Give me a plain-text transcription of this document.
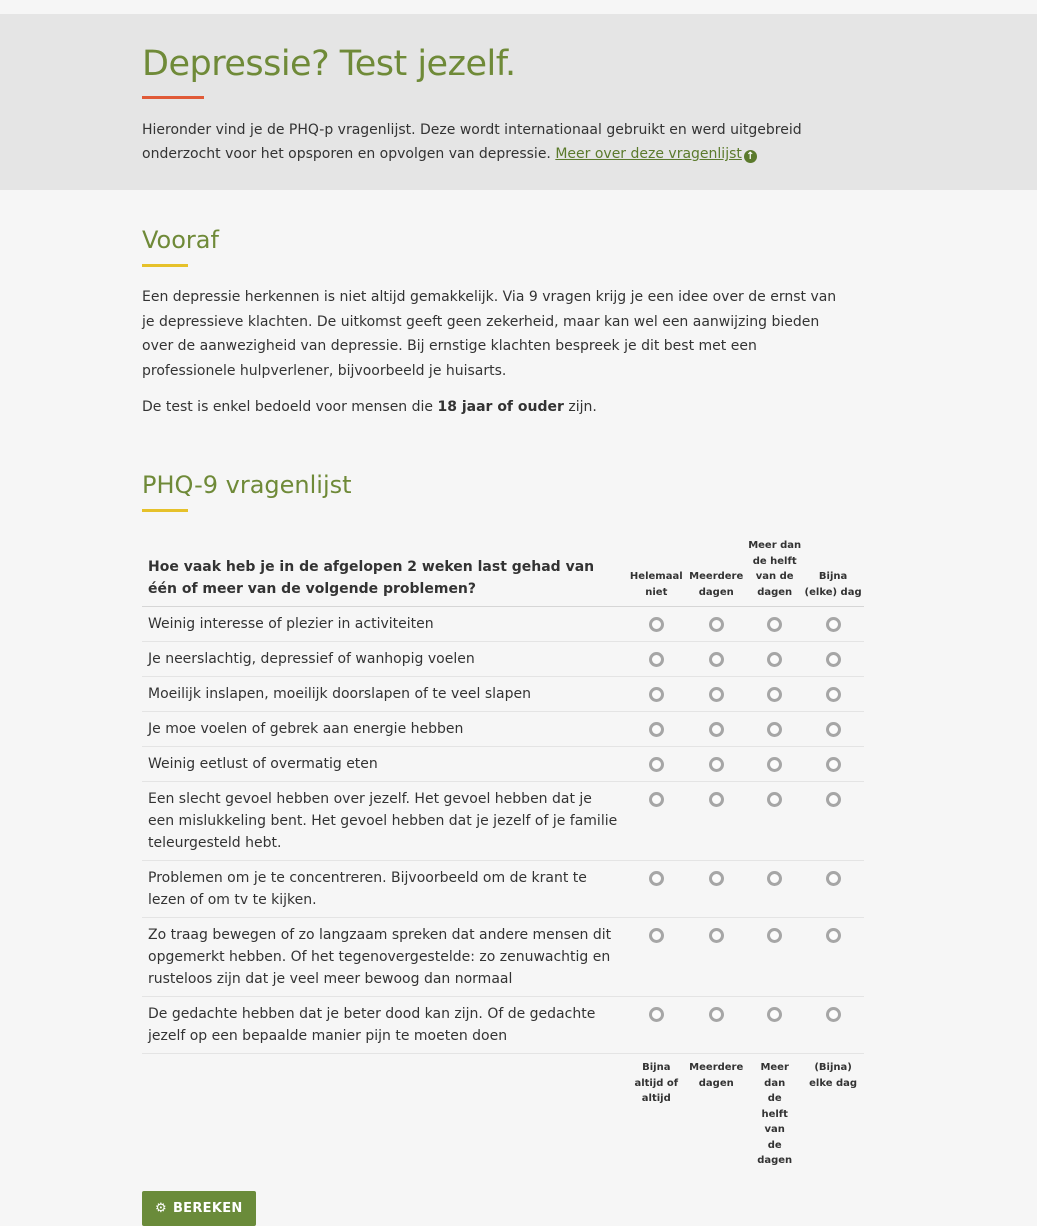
Depressie? Test jezelf.

Hieronder vind je de PHQ-p vragenlijst. Deze wordt internationaal gebruikt en werd uitgebreid onderzocht voor het opsporen en opvolgen van depressie. Meer over deze vragenlijst ↑

Vooraf

Een depressie herkennen is niet altijd gemakkelijk. Via 9 vragen krijg je een idee over de ernst van je depressieve klachten. De uitkomst geeft geen zekerheid, maar kan wel een aanwijzing bieden over de aanwezigheid van depressie. Bij ernstige klachten bespreek je dit best met een professionele hulpverlener, bijvoorbeeld je huisarts.

De test is enkel bedoeld voor mensen die 18 jaar of ouder zijn.

PHQ-9 vragenlijst
Hoe vaak heb je in de afgelopen 2 weken last gehad van één of meer van de volgende problemen?	Helemaal niet	Meerdere dagen	Meer dan de helft van de dagen	Bijna (elke) dag
Weinig interesse of plezier in activiteiten				
Je neerslachtig, depressief of wanhopig voelen				
Moeilijk inslapen, moeilijk doorslapen of te veel slapen				
Je moe voelen of gebrek aan energie hebben				
Weinig eetlust of overmatig eten				
Een slecht gevoel hebben over jezelf. Het gevoel hebben dat je een mislukkeling bent. Het gevoel hebben dat je jezelf of je familie teleurgesteld hebt.				
Problemen om je te concentreren. Bijvoorbeeld om de krant te lezen of om tv te kijken.				
Zo traag bewegen of zo langzaam spreken dat andere mensen dit opgemerkt hebben. Of het tegenovergestelde: zo zenuwachtig en rusteloos zijn dat je veel meer bewoog dan normaal				
De gedachte hebben dat je beter dood kan zijn. Of de gedachte jezelf op een bepaalde manier pijn te moeten doen				
	Bijna altijd of altijd	Meerdere dagen	Meer dan de helft van de dagen	(Bijna) elke dag
⚙ BEREKEN
